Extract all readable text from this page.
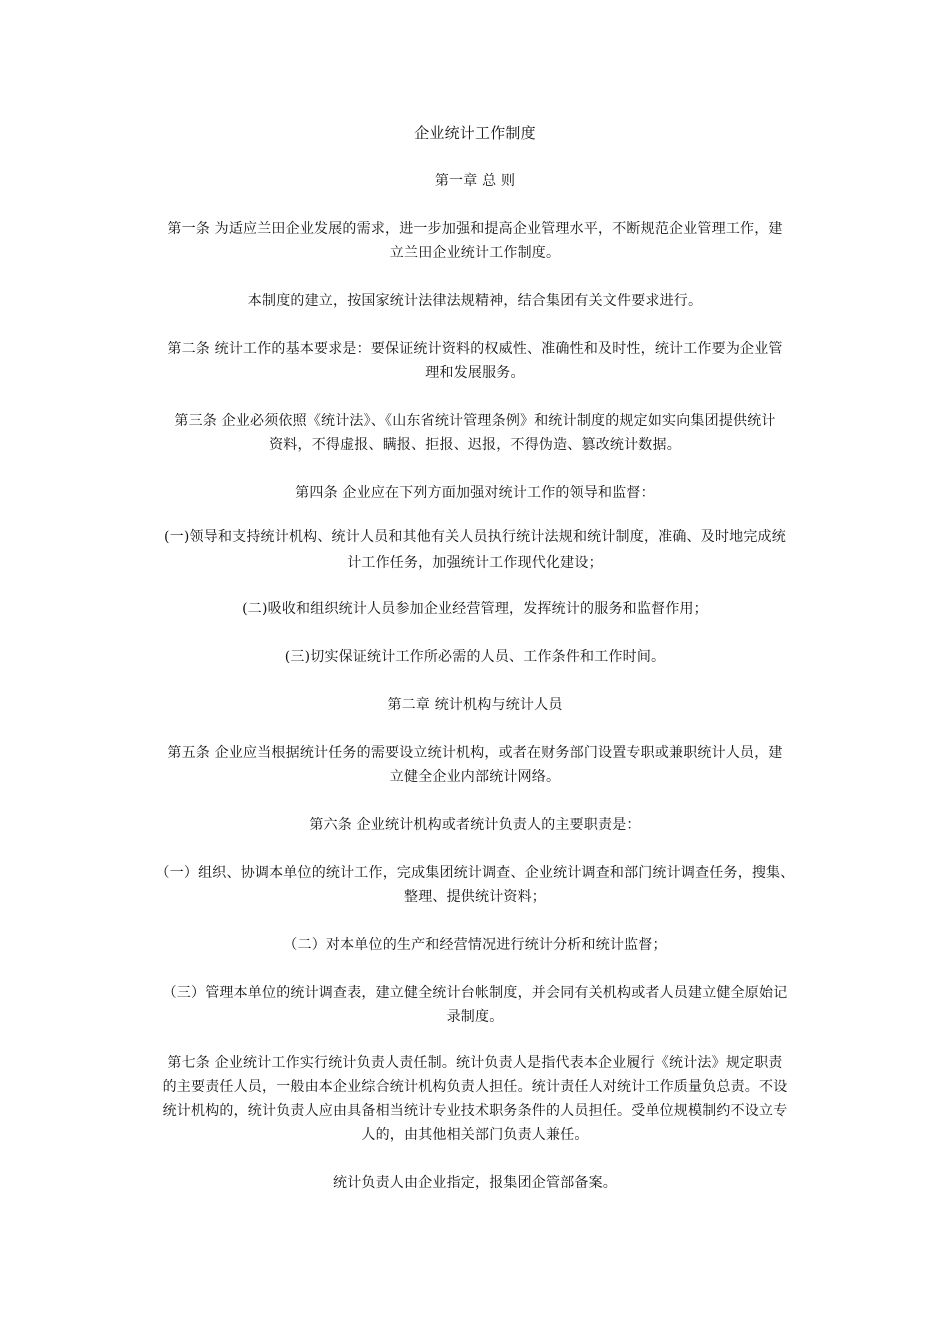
企业统计工作制度
第一章 总 则
第一条 为适应兰田企业发展的需求，进一步加强和提高企业管理水平，不断规范企业管理工作，建
立兰田企业统计工作制度。
本制度的建立，按国家统计法律法规精神，结合集团有关文件要求进行。
第二条 统计工作的基本要求是：要保证统计资料的权威性、准确性和及时性，统计工作要为企业管
理和发展服务。
第三条 企业必须依照《统计法》、《山东省统计管理条例》和统计制度的规定如实向集团提供统计
资料，不得虚报、瞒报、拒报、迟报，不得伪造、篡改统计数据。
第四条 企业应在下列方面加强对统计工作的领导和监督：
(一)领导和支持统计机构、统计人员和其他有关人员执行统计法规和统计制度，准确、及时地完成统
计工作任务，加强统计工作现代化建设；
(二)吸收和组织统计人员参加企业经营管理，发挥统计的服务和监督作用；
(三)切实保证统计工作所必需的人员、工作条件和工作时间。
第二章 统计机构与统计人员
第五条 企业应当根据统计任务的需要设立统计机构，或者在财务部门设置专职或兼职统计人员，建
立健全企业内部统计网络。
第六条 企业统计机构或者统计负责人的主要职责是：
（一）组织、协调本单位的统计工作，完成集团统计调查、企业统计调查和部门统计调查任务，搜集、
整理、提供统计资料；
（二）对本单位的生产和经营情况进行统计分析和统计监督；
（三）管理本单位的统计调查表，建立健全统计台帐制度，并会同有关机构或者人员建立健全原始记
录制度。
第七条 企业统计工作实行统计负责人责任制。统计负责人是指代表本企业履行《统计法》规定职责
的主要责任人员，一般由本企业综合统计机构负责人担任。统计责任人对统计工作质量负总责。不设
统计机构的，统计负责人应由具备相当统计专业技术职务条件的人员担任。受单位规模制约不设立专
人的，由其他相关部门负责人兼任。
统计负责人由企业指定，报集团企管部备案。
